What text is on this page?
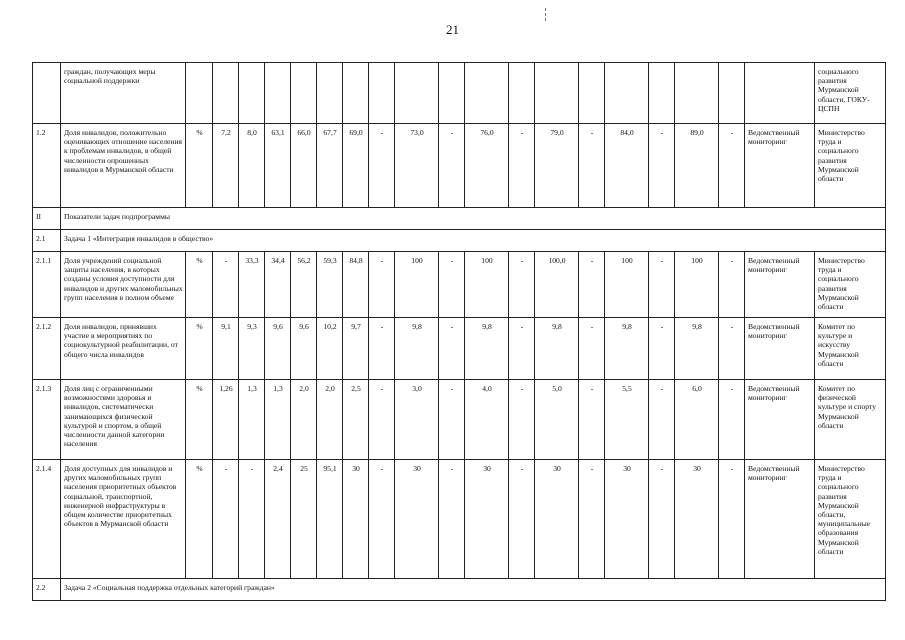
21
	граждан, получающих меры социальной поддержки																				социального развития Мурманской области, ГОКУ-ЦСПН
1.2	Доля инвалидов, положительно оценивающих отношение населения к проблемам инвалидов, в общей численности опрошенных инвалидов в Мурманской области	%	7,2	8,0	63,1	66,0	67,7	69,0	-	73,0	-	76,0	-	79,0	-	84,0	-	89,0	-	Ведомственный мониторинг	Министерство труда и социального развития Мурманской области
II	Показатели задач подпрограммы																				
2.1	Задача 1 «Интеграция инвалидов в общество»																				
2.1.1	Доля учреждений социальной защиты населения, в которых созданы условия доступности для инвалидов и других маломобильных групп населения в полном объеме	%	-	33,3	34,4	56,2	59,3	84,8	-	100	-	100	-	100,0	-	100	-	100	-	Ведомственный мониторинг	Министерство труда и социального развития Мурманской области
2.1.2	Доля инвалидов, принявших участие в мероприятиях по социокультурной реабилитации, от общего числа инвалидов	%	9,1	9,3	9,6	9,6	10,2	9,7	-	9,8	-	9,8	-	9,8	-	9,8	-	9,8	-	Ведомственный мониторинг	Комитет по культуре и искусству Мурманской области
2.1.3	Доля лиц с ограниченными возможностями здоровья и инвалидов, систематически занимающихся физической культурой и спортом, в общей численности данной категории населения	%	1,26	1,3	1,3	2,0	2,0	2,5	-	3,0	-	4,0	-	5,0	-	5,5	-	6,0	-	Ведомственный мониторинг	Комитет по физической культуре и спорту Мурманской области
2.1.4	Доля доступных для инвалидов и других маломобильных групп населения приоритетных объектов социальной, транспортной, инженерной инфраструктуры в общем количестве приоритетных объектов в Мурманской области	%	-	-	2,4	25	95,1	30	-	30	-	30	-	30	-	30	-	30	-	Ведомственный мониторинг	Министерство труда и социального развития Мурманской области, муниципальные образования Мурманской области
2.2	Задача 2 «Социальная поддержка отдельных категорий граждан»																				
